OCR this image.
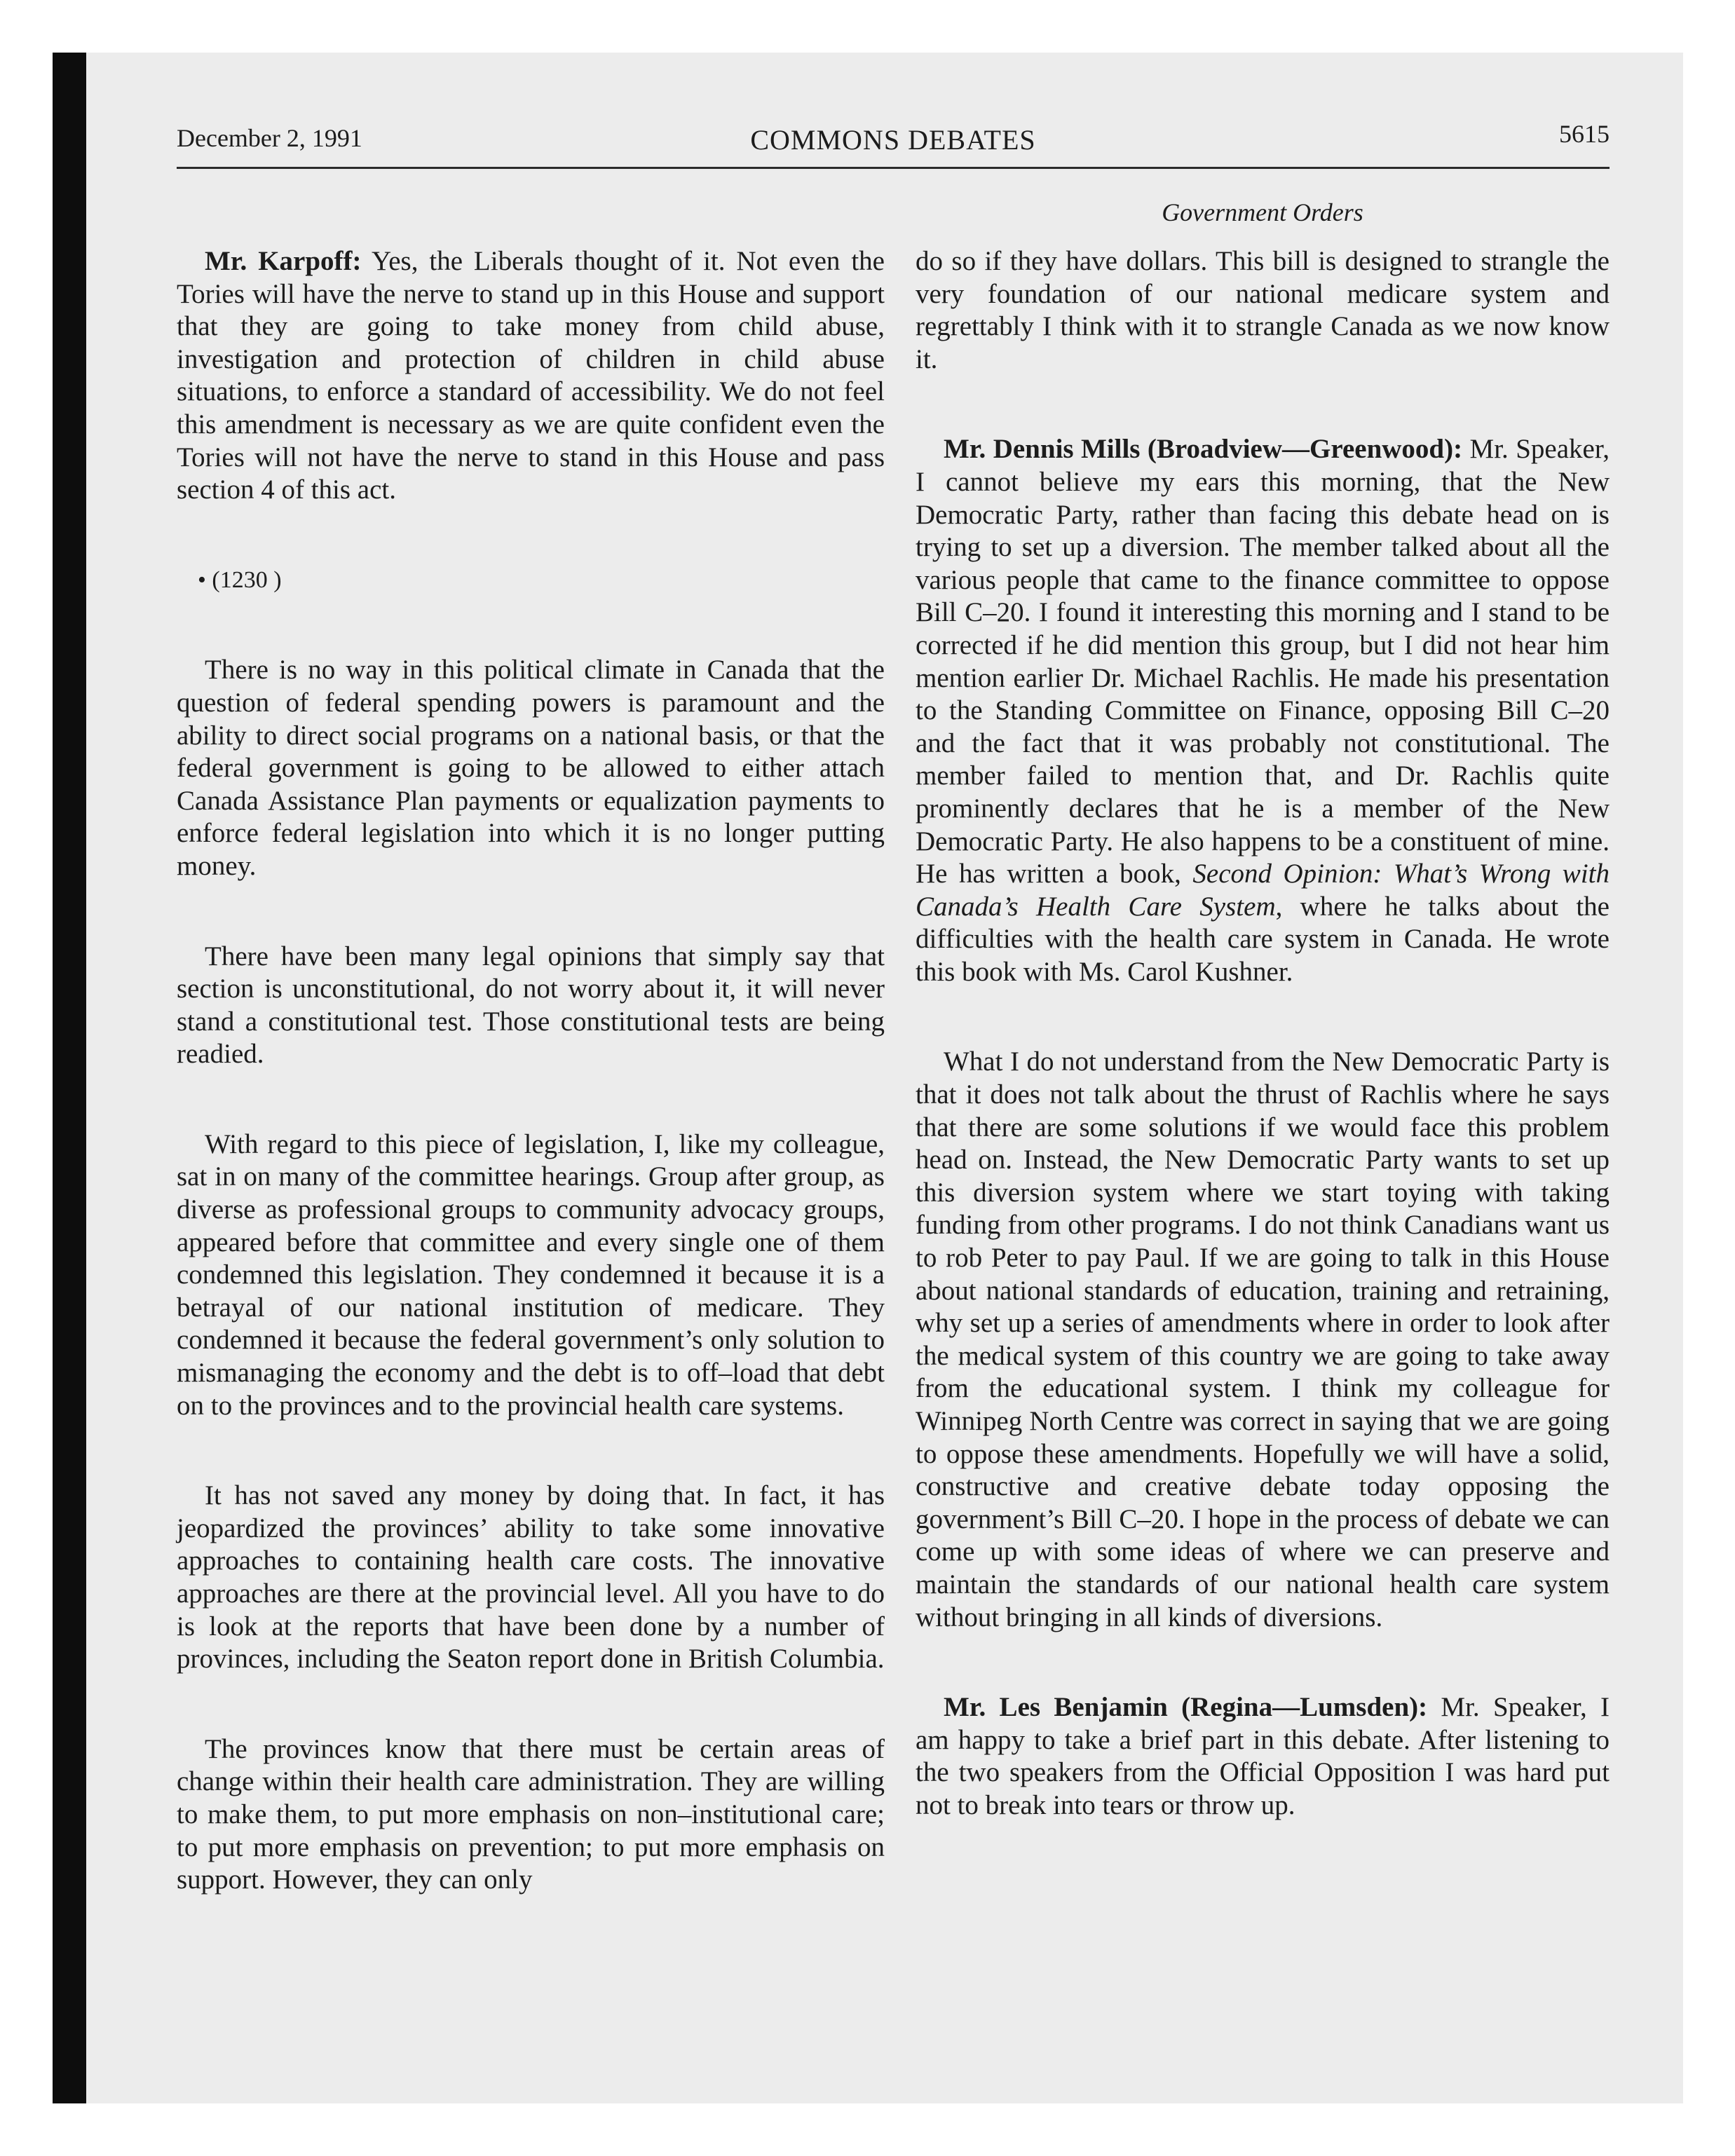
December 2, 1991	COMMONS DEBATES	5615
Government Orders

Mr. Karpoff: Yes, the Liberals thought of it. Not even the Tories will have the nerve to stand up in this House and support that they are going to take money from child abuse, investigation and protection of children in child abuse situations, to enforce a standard of accessibility. We do not feel this amendment is necessary as we are quite confident even the Tories will not have the nerve to stand in this House and pass section 4 of this act.

• (1230 )

There is no way in this political climate in Canada that the question of federal spending powers is paramount and the ability to direct social programs on a national basis, or that the federal government is going to be allowed to either attach Canada Assistance Plan payments or equalization payments to enforce federal legislation into which it is no longer putting money.

There have been many legal opinions that simply say that section is unconstitutional, do not worry about it, it will never stand a constitutional test. Those constitutional tests are being readied.

With regard to this piece of legislation, I, like my colleague, sat in on many of the committee hearings. Group after group, as diverse as professional groups to community advocacy groups, appeared before that committee and every single one of them condemned this legislation. They condemned it because it is a betrayal of our national institution of medicare. They condemned it because the federal government’s only solution to mismanaging the economy and the debt is to off–load that debt on to the provinces and to the provincial health care systems.

It has not saved any money by doing that. In fact, it has jeopardized the provinces’ ability to take some innovative approaches to containing health care costs. The innovative approaches are there at the provincial level. All you have to do is look at the reports that have been done by a number of provinces, including the Seaton report done in British Columbia.

The provinces know that there must be certain areas of change within their health care administration. They are willing to make them, to put more emphasis on non–institutional care; to put more emphasis on prevention; to put more emphasis on support. However, they can only

do so if they have dollars. This bill is designed to strangle the very foundation of our national medicare system and regrettably I think with it to strangle Canada as we now know it.

Mr. Dennis Mills (Broadview—Greenwood): Mr. Speaker, I cannot believe my ears this morning, that the New Democratic Party, rather than facing this debate head on is trying to set up a diversion. The member talked about all the various people that came to the finance committee to oppose Bill C–20. I found it interesting this morning and I stand to be corrected if he did mention this group, but I did not hear him mention earlier Dr. Michael Rachlis. He made his presentation to the Standing Committee on Finance, opposing Bill C–20 and the fact that it was probably not constitutional. The member failed to mention that, and Dr. Rachlis quite prominently declares that he is a member of the New Democratic Party. He also happens to be a constituent of mine. He has written a book, Second Opinion: What’s Wrong with Canada’s Health Care System, where he talks about the difficulties with the health care system in Canada. He wrote this book with Ms. Carol Kushner.

What I do not understand from the New Democratic Party is that it does not talk about the thrust of Rachlis where he says that there are some solutions if we would face this problem head on. Instead, the New Democratic Party wants to set up this diversion system where we start toying with taking funding from other programs. I do not think Canadians want us to rob Peter to pay Paul. If we are going to talk in this House about national standards of education, training and retraining, why set up a series of amendments where in order to look after the medical system of this country we are going to take away from the educational system. I think my colleague for Winnipeg North Centre was correct in saying that we are going to oppose these amendments. Hopefully we will have a solid, constructive and creative debate today opposing the government’s Bill C–20. I hope in the process of debate we can come up with some ideas of where we can preserve and maintain the standards of our national health care system without bringing in all kinds of diversions.

Mr. Les Benjamin (Regina—Lumsden): Mr. Speaker, I am happy to take a brief part in this debate. After listening to the two speakers from the Official Opposition I was hard put not to break into tears or throw up.
